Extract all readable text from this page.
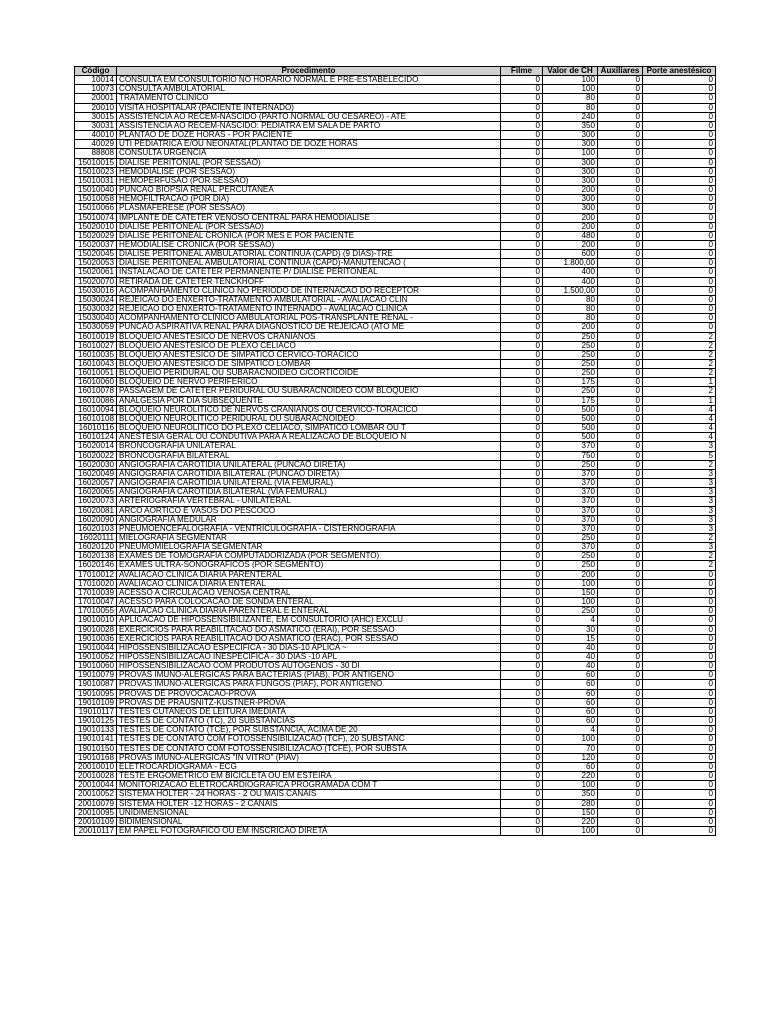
Código	Procedimento	Filme	Valor de CH	Auxiliares	Porte anestésico
10014	CONSULTA EM CONSULTORIO NO HORARIO NORMAL E PRE-ESTABELECIDO	0	100	0	0
10073	CONSULTA AMBULATORIAL	0	100	0	0
20001	TRATAMENTO CLINICO	0	80	0	0
20010	VISITA HOSPITALAR (PACIENTE INTERNADO)	0	80	0	0
30015	ASSISTENCIA AO RECEM-NASCIDO (PARTO NORMAL OU CESAREO) - ATE	0	240	0	0
30031	ASSISTENCIA AO RECEM-NASCIDO: PEDIATRA EM SALA DE PARTO	0	350	0	0
40010	PLANTAO DE DOZE HORAS - POR PACIENTE	0	300	0	0
40029	UTI PEDIATRICA E/OU NEONATAL(PLANTAO DE DOZE HORAS	0	300	0	0
88808	CONSULTA URGENCIA	0	100	0	0
15010015	DIALISE PERITONIAL (POR SESSAO)	0	300	0	0
15010023	HEMODIALISE (POR SESSAO)	0	300	0	0
15010031	HEMOPERFUSAO (POR SESSAO)	0	300	0	0
15010040	PUNCAO BIOPSIA RENAL PERCUTANEA	0	200	0	0
15010058	HEMOFILTRACAO (POR DIA)	0	300	0	0
15010066	PLASMAFERESE (POR SESSAO)	0	300	0	0
15010074	IMPLANTE DE CATETER VENOSO CENTRAL PARA HEMODIALISE	0	200	0	0
15020010	DIALISE PERITONEAL (POR SESSAO)	0	200	0	0
15020029	DIALISE PERITONEAL CRONICA (POR MES E POR PACIENTE	0	480	0	0
15020037	HEMODIALISE CRONICA (POR SESSAO)	0	200	0	0
15020045	DIALISE PERITONEAL AMBULATORIAL CONTINUA (CAPD) (9 DIAS)-TRE	0	600	0	0
15020053	DIALISE PERITONEAL AMBULATORIAL CONTINUA (CAPD)-MANUTENCAO (	0	1.800,00	0	0
15020061	INSTALACAO DE CATETER PERMANENTE P/ DIALISE PERITONEAL	0	400	0	0
15020070	RETIRADA DE CATETER TENCKHOFF	0	400	0	0
15030016	ACOMPANHAMENTO CLINICO NO PERIODO DE INTERNACAO DO RECEPTOR	0	1.500,00	0	0
15030024	REJEICAO DO ENXERTO-TRATAMENTO AMBULATORIAL - AVALIACAO CLIN	0	80	0	0
15030032	REJEICAO DO ENXERTO-TRATAMENTO INTERNADO - AVALIACAO CLINICA	0	80	0	0
15030040	ACOMPANHAMENTO CLINICO AMBULATORIAL POS-TRANSPLANTE RENAL -	0	80	0	0
15030059	PUNCAO ASPIRATIVA RENAL PARA DIAGNOSTICO DE REJEICAO (ATO ME	0	200	0	0
16010019	BLOQUEIO ANESTESICO DE NERVOS CRANIANOS	0	250	0	2
16010027	BLOQUEIO ANESTESICO DE PLEXO CELIACO	0	250	0	2
16010035	BLOQUEIO ANESTESICO DE SIMPATICO CERVICO-TORACICO	0	250	0	2
16010043	BLOQUEIO ANESTESICO DE SIMPATICO LOMBAR	0	250	0	2
16010051	BLOQUEIO PERIDURAL OU SUBARACNOIDEO C/CORTICOIDE	0	250	0	2
16010060	BLOQUEIO DE NERVO PERIFERICO	0	175	0	1
16010078	PASSAGEM DE CATETER PERIDURAL OU SUBARACNOIDEO COM BLOQUEIO	0	250	0	2
16010086	ANALGESIA POR DIA SUBSEQUENTE	0	175	0	1
16010094	BLOQUEIO NEUROLITICO DE NERVOS CRANIANOS OU CERVICO-TORACICO	0	500	0	4
16010108	BLOQUEIO NEUROLITICO PERIDURAL OU SUBARACNOIDEO	0	500	0	4
16010116	BLOQUEIO NEUROLITICO DO PLEXO CELIACO, SIMPATICO LOMBAR OU T	0	500	0	4
16010124	ANESTESIA GERAL OU CONDUTIVA PARA A REALIZACAO DE BLOQUEIO N	0	500	0	4
16020014	BRONCOGRAFIA UNILATERAL	0	370	0	3
16020022	BRONCOGRAFIA BILATERAL	0	750	0	5
16020030	ANGIOGRAFIA CAROTIDIA UNILATERAL (PUNCAO DIRETA)	0	250	0	2
16020049	ANGIOGRAFIA CAROTIDIA BILATERAL (PUNCAO DIRETA)	0	370	0	3
16020057	ANGIOGRAFIA CAROTIDIA UNILATERAL (VIA FEMURAL)	0	370	0	3
16020065	ANGIOGRAFIA CAROTIDIA BILATERAL (VIA FEMURAL)	0	370	0	3
16020073	ARTERIOGRAFIA VERTEBRAL - UNILATERAL	0	370	0	3
16020081	ARCO AORTICO E VASOS DO PESCOCO	0	370	0	3
16020090	ANGIOGRAFIA MEDULAR	0	370	0	3
16020103	PNEUMOENCEFALOGRAFIA - VENTRICULOGRAFIA - CISTERNOGRAFIA	0	370	0	3
16020111	MIELOGRAFIA SEGMENTAR	0	250	0	2
16020120	PNEUMOMIELOGRAFIA SEGMENTAR	0	370	0	3
16020138	EXAMES DE TOMOGRAFIA COMPUTADORIZADA (POR SEGMENTO)	0	250	0	2
16020146	EXAMES ULTRA-SONOGRAFICOS (POR SEGMENTO)	0	250	0	2
17010012	AVALIACAO CLINICA DIARIA PARENTERAL	0	200	0	0
17010020	AVALIACAO CLINICA DIARIA ENTERAL	0	100	0	0
17010039	ACESSO A CIRCULACAO VENOSA CENTRAL	0	150	0	0
17010047	ACESSO PARA COLOCACAO DE SONDA ENTERAL	0	100	0	0
17010055	AVALIACAO CLINICA DIARIA PARENTERAL E ENTERAL	0	250	0	0
19010010	APLICACAO DE HIPOSSENSIBILIZANTE, EM CONSULTORIO (AHC) EXCLU	0	4	0	0
19010028	EXERCICIOS PARA REABILITACAO DO ASMATICO (ERAI), POR SESSAO	0	30	0	0
19010036	EXERCICIOS PARA REABILITACAO DO ASMATICO (ERAC), POR SESSAO	0	15	0	0
19010044	HIPOSSENSIBILIZACAO ESPECIFICA - 30 DIAS-10 APLICA ~	0	40	0	0
19010052	HIPOSSENSIBILIZACAO INESPECIFICA - 30 DIAS -10 APL	0	40	0	0
19010060	HIPOSSENSIBILIZACAO COM PRODUTOS AUTOGENOS - 30 DI	0	40	0	0
19010079	PROVAS IMUNO-ALERGICAS PARA BACTERIAS (PIAB), POR ANTIGENO	0	60	0	0
19010087	PROVAS IMUNO-ALERGICAS PARA FUNGOS (PIAF), POR ANTIGENO	0	60	0	0
19010095	PROVAS DE PROVOCACAO-PROVA	0	60	0	0
19010109	PROVAS DE PRAUSNITZ-KUSTNER-PROVA	0	60	0	0
19010117	TESTES CUTANEOS DE LEITURA IMEDIATA	0	60	0	0
19010125	TESTES DE CONTATO (TC), 20 SUBSTANCIAS	0	60	0	0
19010133	TESTES DE CONTATO (TCE), POR SUBSTANCIA, ACIMA DE 20	0	4	0	0
19010141	TESTES DE CONTATO COM FOTOSSENSIBILIZACAO (TCF), 20 SUBSTANC	0	100	0	0
19010150	TESTES DE CONTATO COM FOTOSSENSIBILIZACAO (TCFE), POR SUBSTA	0	70	0	0
19010168	PROVAS IMUNO-ALERGICAS "IN VITRO" (PIAV)	0	120	0	0
20010010	ELETROCARDIOGRAMA - ECG	0	60	0	0
20010028	TESTE ERGOMETRICO EM BICICLETA OU EM ESTEIRA	0	220	0	0
20010044	MONITORIZACAO ELETROCARDIOGRAFICA PROGRAMADA COM T	0	100	0	0
20010052	SISTEMA HOLTER - 24 HORAS - 2 OU MAIS CANAIS	0	350	0	0
20010079	SISTEMA HOLTER -12 HORAS - 2 CANAIS	0	280	0	0
20010095	UNIDIMENSIONAL	0	150	0	0
20010109	BIDIMENSIONAL	0	220	0	0
20010117	EM PAPEL FOTOGRAFICO OU EM INSCRICAO DIRETA	0	100	0	0
